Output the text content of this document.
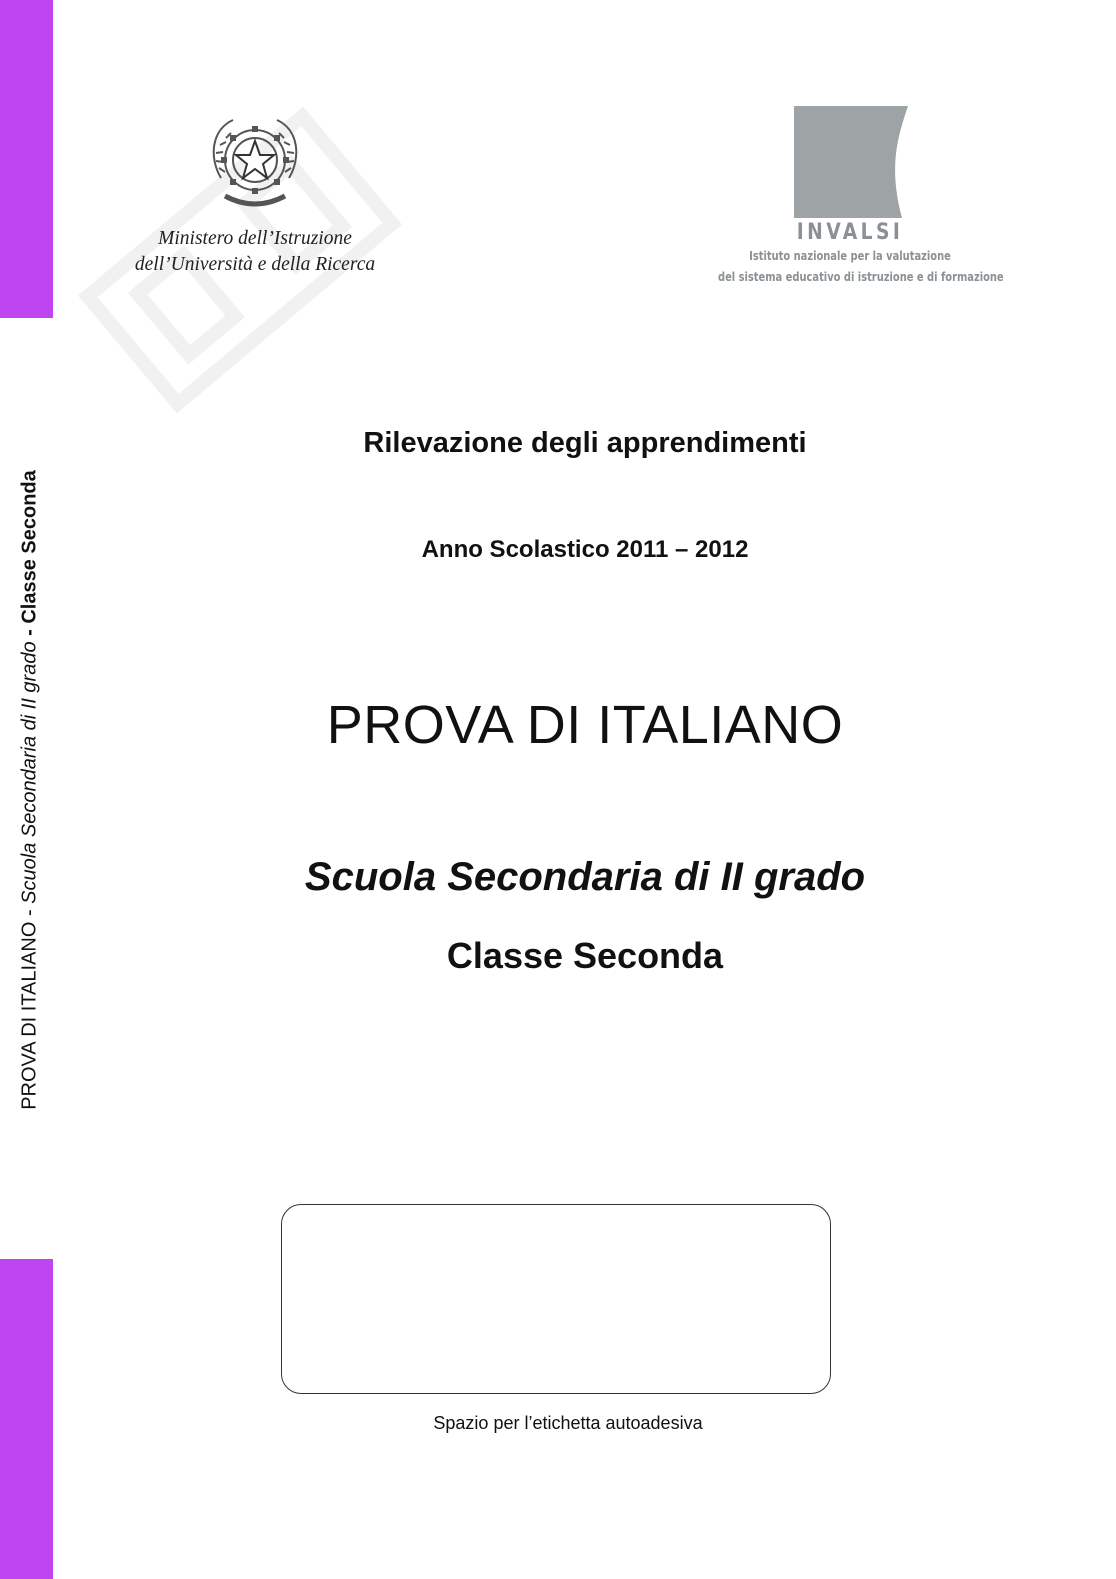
PROVA DI ITALIANO - Scuola Secondaria di II grado - Classe Seconda
Ministero dell’Istruzione
dell’Università e della Ricerca
INVALSI
Istituto nazionale per la valutazione
del sistema educativo di istruzione e di formazione
Rilevazione degli apprendimenti
Anno Scolastico 2011 – 2012
PROVA DI ITALIANO
Scuola Secondaria di II grado
Classe Seconda
Spazio per l’etichetta autoadesiva
